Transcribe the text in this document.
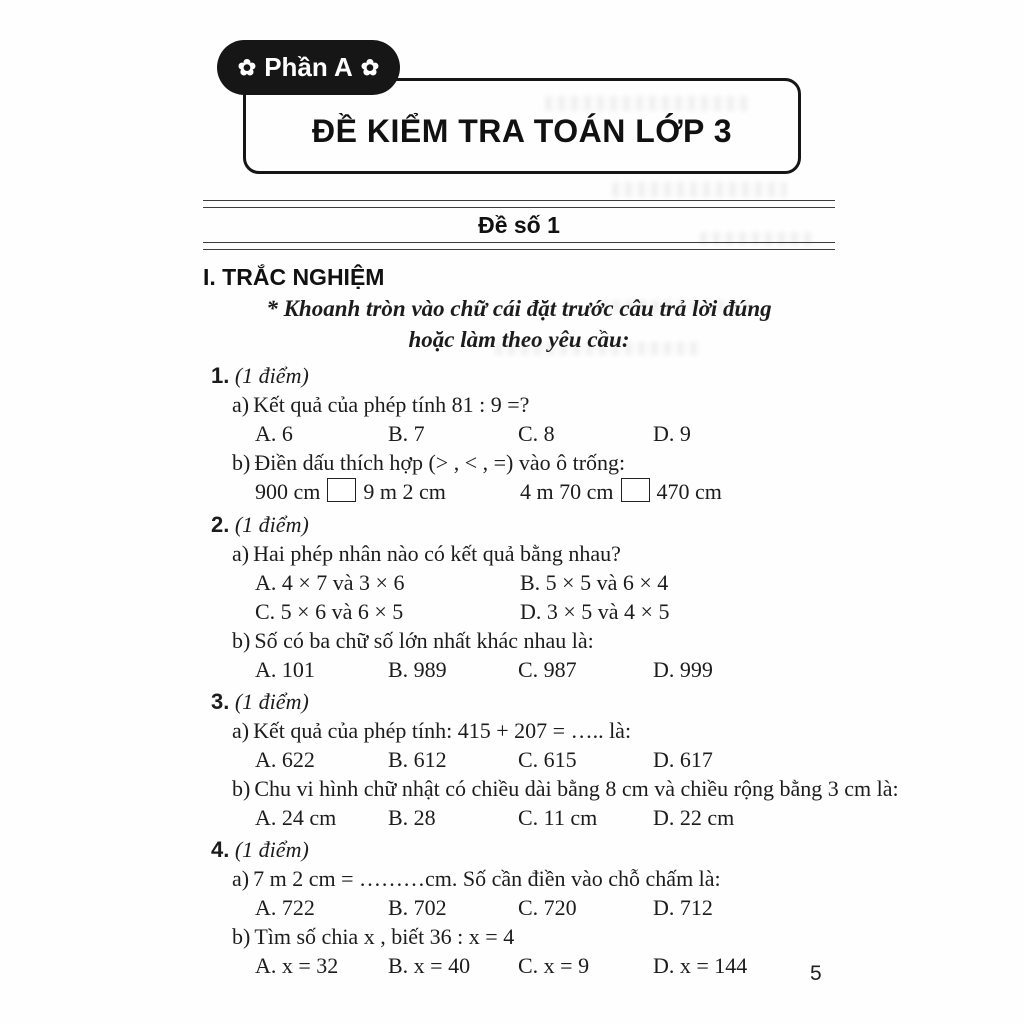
✿ Phần A ✿
ĐỀ KIỂM TRA TOÁN LỚP 3
Đề số 1
I. TRẮC NGHIỆM
* Khoanh tròn vào chữ cái đặt trước câu trả lời đúng
hoặc làm theo yêu cầu:
1. (1 điểm)
a) Kết quả của phép tính 81 : 9 =?
A. 6	B. 7	C. 8	D. 9
b) Điền dấu thích hợp (> , < , =) vào ô trống:
900 cm 9 m 2 cm	4 m 70 cm 470 cm
2. (1 điểm)
a) Hai phép nhân nào có kết quả bằng nhau?
A. 4 × 7 và 3 × 6	B. 5 × 5 và 6 × 4
C. 5 × 6 và 6 × 5	D. 3 × 5 và 4 × 5
b) Số có ba chữ số lớn nhất khác nhau là:
A. 101	B. 989	C. 987	D. 999
3. (1 điểm)
a) Kết quả của phép tính: 415 + 207 = ….. là:
A. 622	B. 612	C. 615	D. 617
b) Chu vi hình chữ nhật có chiều dài bằng 8 cm và chiều rộng bằng 3 cm là:
A. 24 cm	B. 28	C. 11 cm	D. 22 cm
4. (1 điểm)
a) 7 m 2 cm = ………cm. Số cần điền vào chỗ chấm là:
A. 722	B. 702	C. 720	D. 712
b) Tìm số chia x , biết 36 : x = 4
A. x = 32	B. x = 40	C. x = 9	D. x = 144	5
